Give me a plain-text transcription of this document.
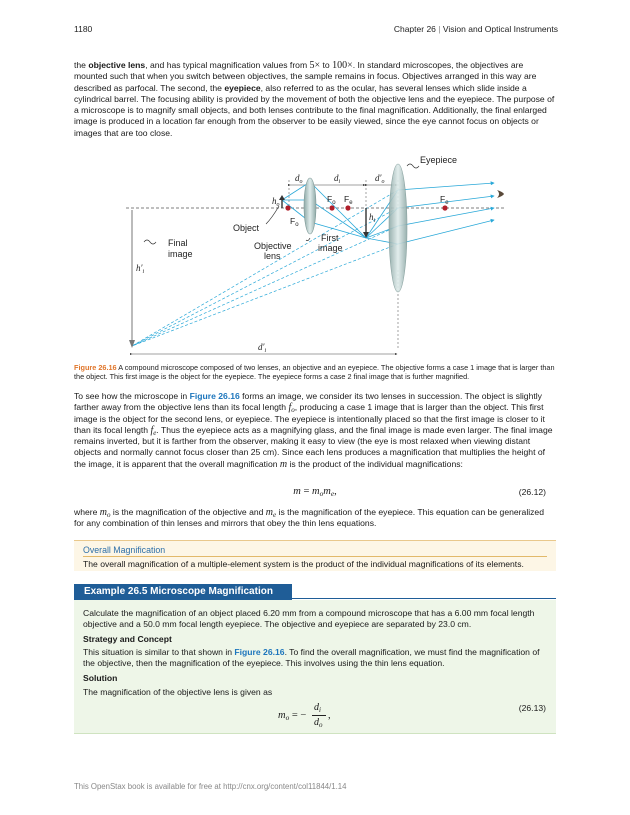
1180	Chapter 26 | Vision and Optical Instruments
the objective lens, and has typical magnification values from 5× to 100×. In standard microscopes, the objectives are mounted such that when you switch between objectives, the sample remains in focus. Objectives arranged in this way are described as parfocal. The second, the eyepiece, also referred to as the ocular, has several lenses which slide inside a cylindrical barrel. The focusing ability is provided by the movement of both the objective lens and the eyepiece. The purpose of a microscope is to magnify small objects, and both lenses contribute to the final magnification. Additionally, the final enlarged image is produced in a location far enough from the observer to be easily viewed, since the eye cannot focus on objects or images that are too close.
Eyepiece
Object
Objective
lens
First
image
Final
image
$d_o$	$d_i$	$d'_o$
$d'_i$
$h_o$
$h_i$
$h'_i$
$F_o$
$F_o$ $F_e$	$F_e$
Figure 26.16 A compound microscope composed of two lenses, an objective and an eyepiece. The objective forms a case 1 image that is larger than the object. This first image is the object for the eyepiece. The eyepiece forms a case 2 final image that is further magnified.
To see how the microscope in Figure 26.16 forms an image, we consider its two lenses in succession. The object is slightly farther away from the objective lens than its focal length $f_o$, producing a case 1 image that is larger than the object. This first image is the object for the second lens, or eyepiece. The eyepiece is intentionally placed so that the first image is closer to it than its focal length $f_e$. Thus the eyepiece acts as a magnifying glass, and the final image is made even larger. The final image remains inverted, but it is farther from the observer, making it easy to view (the eye is most relaxed when viewing distant objects and normally cannot focus closer than 25 cm). Since each lens produces a magnification that multiplies the height of the image, it is apparent that the overall magnification m is the product of the individual magnifications:
$m = m_om_e$,	(26.12)
where $m_o$ is the magnification of the objective and $m_e$ is the magnification of the eyepiece. This equation can be generalized for any combination of thin lenses and mirrors that obey the thin lens equations.
Overall Magnification
The overall magnification of a multiple-element system is the product of the individual magnifications of its elements.
Example 26.5 Microscope Magnification
Calculate the magnification of an object placed 6.20 mm from a compound microscope that has a 6.00 mm focal length objective and a 50.0 mm focal length eyepiece. The objective and eyepiece are separated by 23.0 cm.
Strategy and Concept
This situation is similar to that shown in Figure 26.16. To find the overall magnification, we must find the magnification of the objective, then the magnification of the eyepiece. This involves using the thin lens equation.
Solution
The magnification of the objective lens is given as
$m_o$ = −
$d_i$
$d_o$
,
(26.13)
This OpenStax book is available for free at http://cnx.org/content/col11844/1.14
